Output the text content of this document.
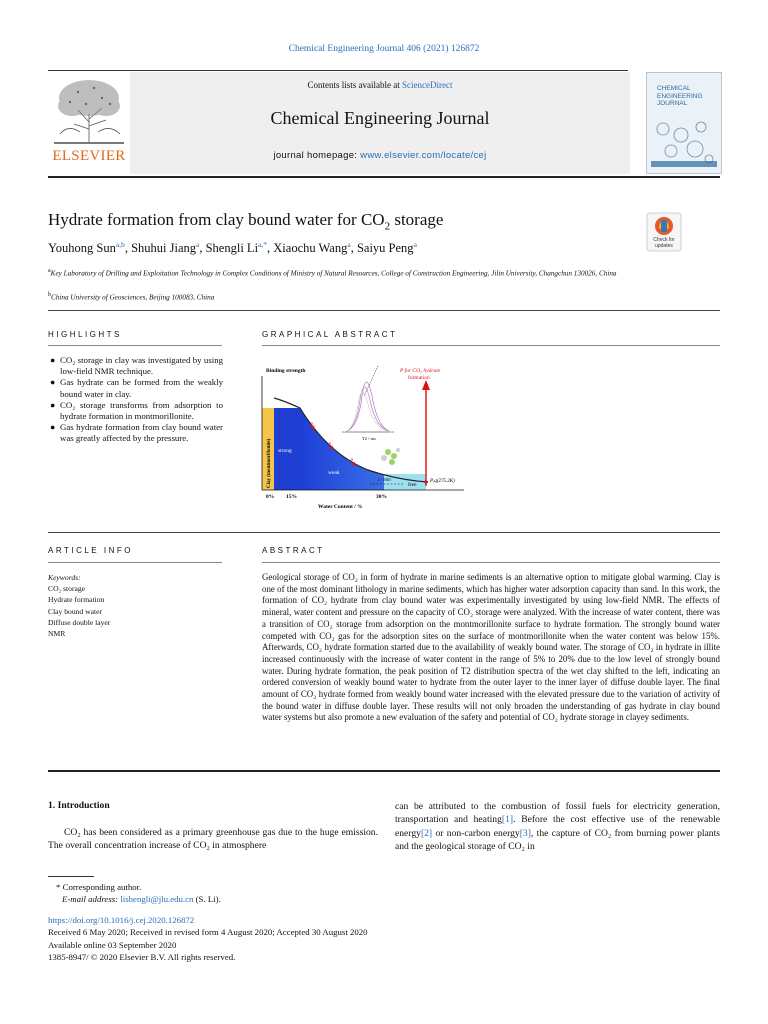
Chemical Engineering Journal 406 (2021) 126872
ELSEVIER
Contents lists available at ScienceDirect
Chemical Engineering Journal
journal homepage: www.elsevier.com/locate/cej
CHEMICAL ENGINEERING JOURNAL
Hydrate formation from clay bound water for $CO_2$ storage
Check for updates
Youhong Sun$^{a,b}$, Shuhui Jiang$^a$, Shengli $Li^{a,*}$, Xiaochu Wang$^a$, Saiyu Peng$^a$
$^a$Key Laboratory of Drilling and Exploitation Technology in Complex Conditions of Ministry of Natural Resources, College of Construction Engineering, Jilin University, Changchun 130026, China
$^b$China University of Geosciences, Beijing 100083, China
HIGHLIGHTS	GRAPHICAL ABSTRACT
● CO₂ storage in clay was investigated by using low-field NMR technique.
● Gas hydrate can be formed from the weakly bound water in clay.
● CO₂ storage transforms from adsorption to hydrate formation in montmorillonite.
● Gas hydrate formation from clay bound water was greatly affected by the pressure.
Binding strength
Clay (montmorillonite)
P for CO₂ hydrate
formation
strong
weak
free
P₃
P₂
P₁
Pₑq(275.2K)
t / min
T2 / ms
0% 15%	30%
Water Content / %
ARTICLE INFO	ABSTRACT
Keywords:
CO₂ storage
Hydrate formation
Clay bound water
Diffuse double layer
NMR
Geological storage of CO₂ in form of hydrate in marine sediments is an alternative option to mitigate global warming. Clay is one of the most dominant lithology in marine sediments, which has higher water adsorption capacity than sand. In this work, the formation of CO₂ hydrate from clay bound water was experimentally investigated by using low-field NMR. The effects of mineral, water content and pressure on the capacity of CO₂ storage were analyzed. With the increase of water content, there was a transition of CO₂ storage from adsorption on the montmorillonite surface to hydrate formation. The strongly bound water competed with CO₂ gas for the adsorption sites on the surface of montmorillonite when the water content was below 15%. Afterwards, CO₂ hydrate formation started due to the availability of weakly bound water. The storage of CO₂ in hydrate in illite increased continuously with the increase of water content in the range of 5% to 20% due to the low level of strongly bound water. During hydrate formation, the peak position of T2 distribution spectra of the wet clay shifted to the left, indicating an ordered conversion of weakly bound water to hydrate from the outer layer to the inner layer of diffuse double layer. The final amount of CO₂ hydrate formed from weakly bound water increased with the elevated pressure due to the variation of activity of the bound water in diffuse double layer. These results will not only broaden the understanding of gas hydrate in clay bound water systems but also promote a new evaluation of the safety and potential of CO₂ hydrate storage in clayey sediments.
1. Introduction
CO₂ has been considered as a primary greenhouse gas due to the huge emission. The overall concentration increase of CO₂ in atmosphere
can be attributed to the combustion of fossil fuels for electricity generation, transportation and heating[1]. Before the cost effective use of the renewable energy[2] or non-carbon energy[3], the capture of CO₂ from burning power plants and the geological storage of CO₂ in
* Corresponding author.
E-mail address: lishengli@jlu.edu.cn (S. Li).
https://doi.org/10.1016/j.cej.2020.126872
Received 6 May 2020; Received in revised form 4 August 2020; Accepted 30 August 2020
Available online 03 September 2020
1385-8947/ © 2020 Elsevier B.V. All rights reserved.
